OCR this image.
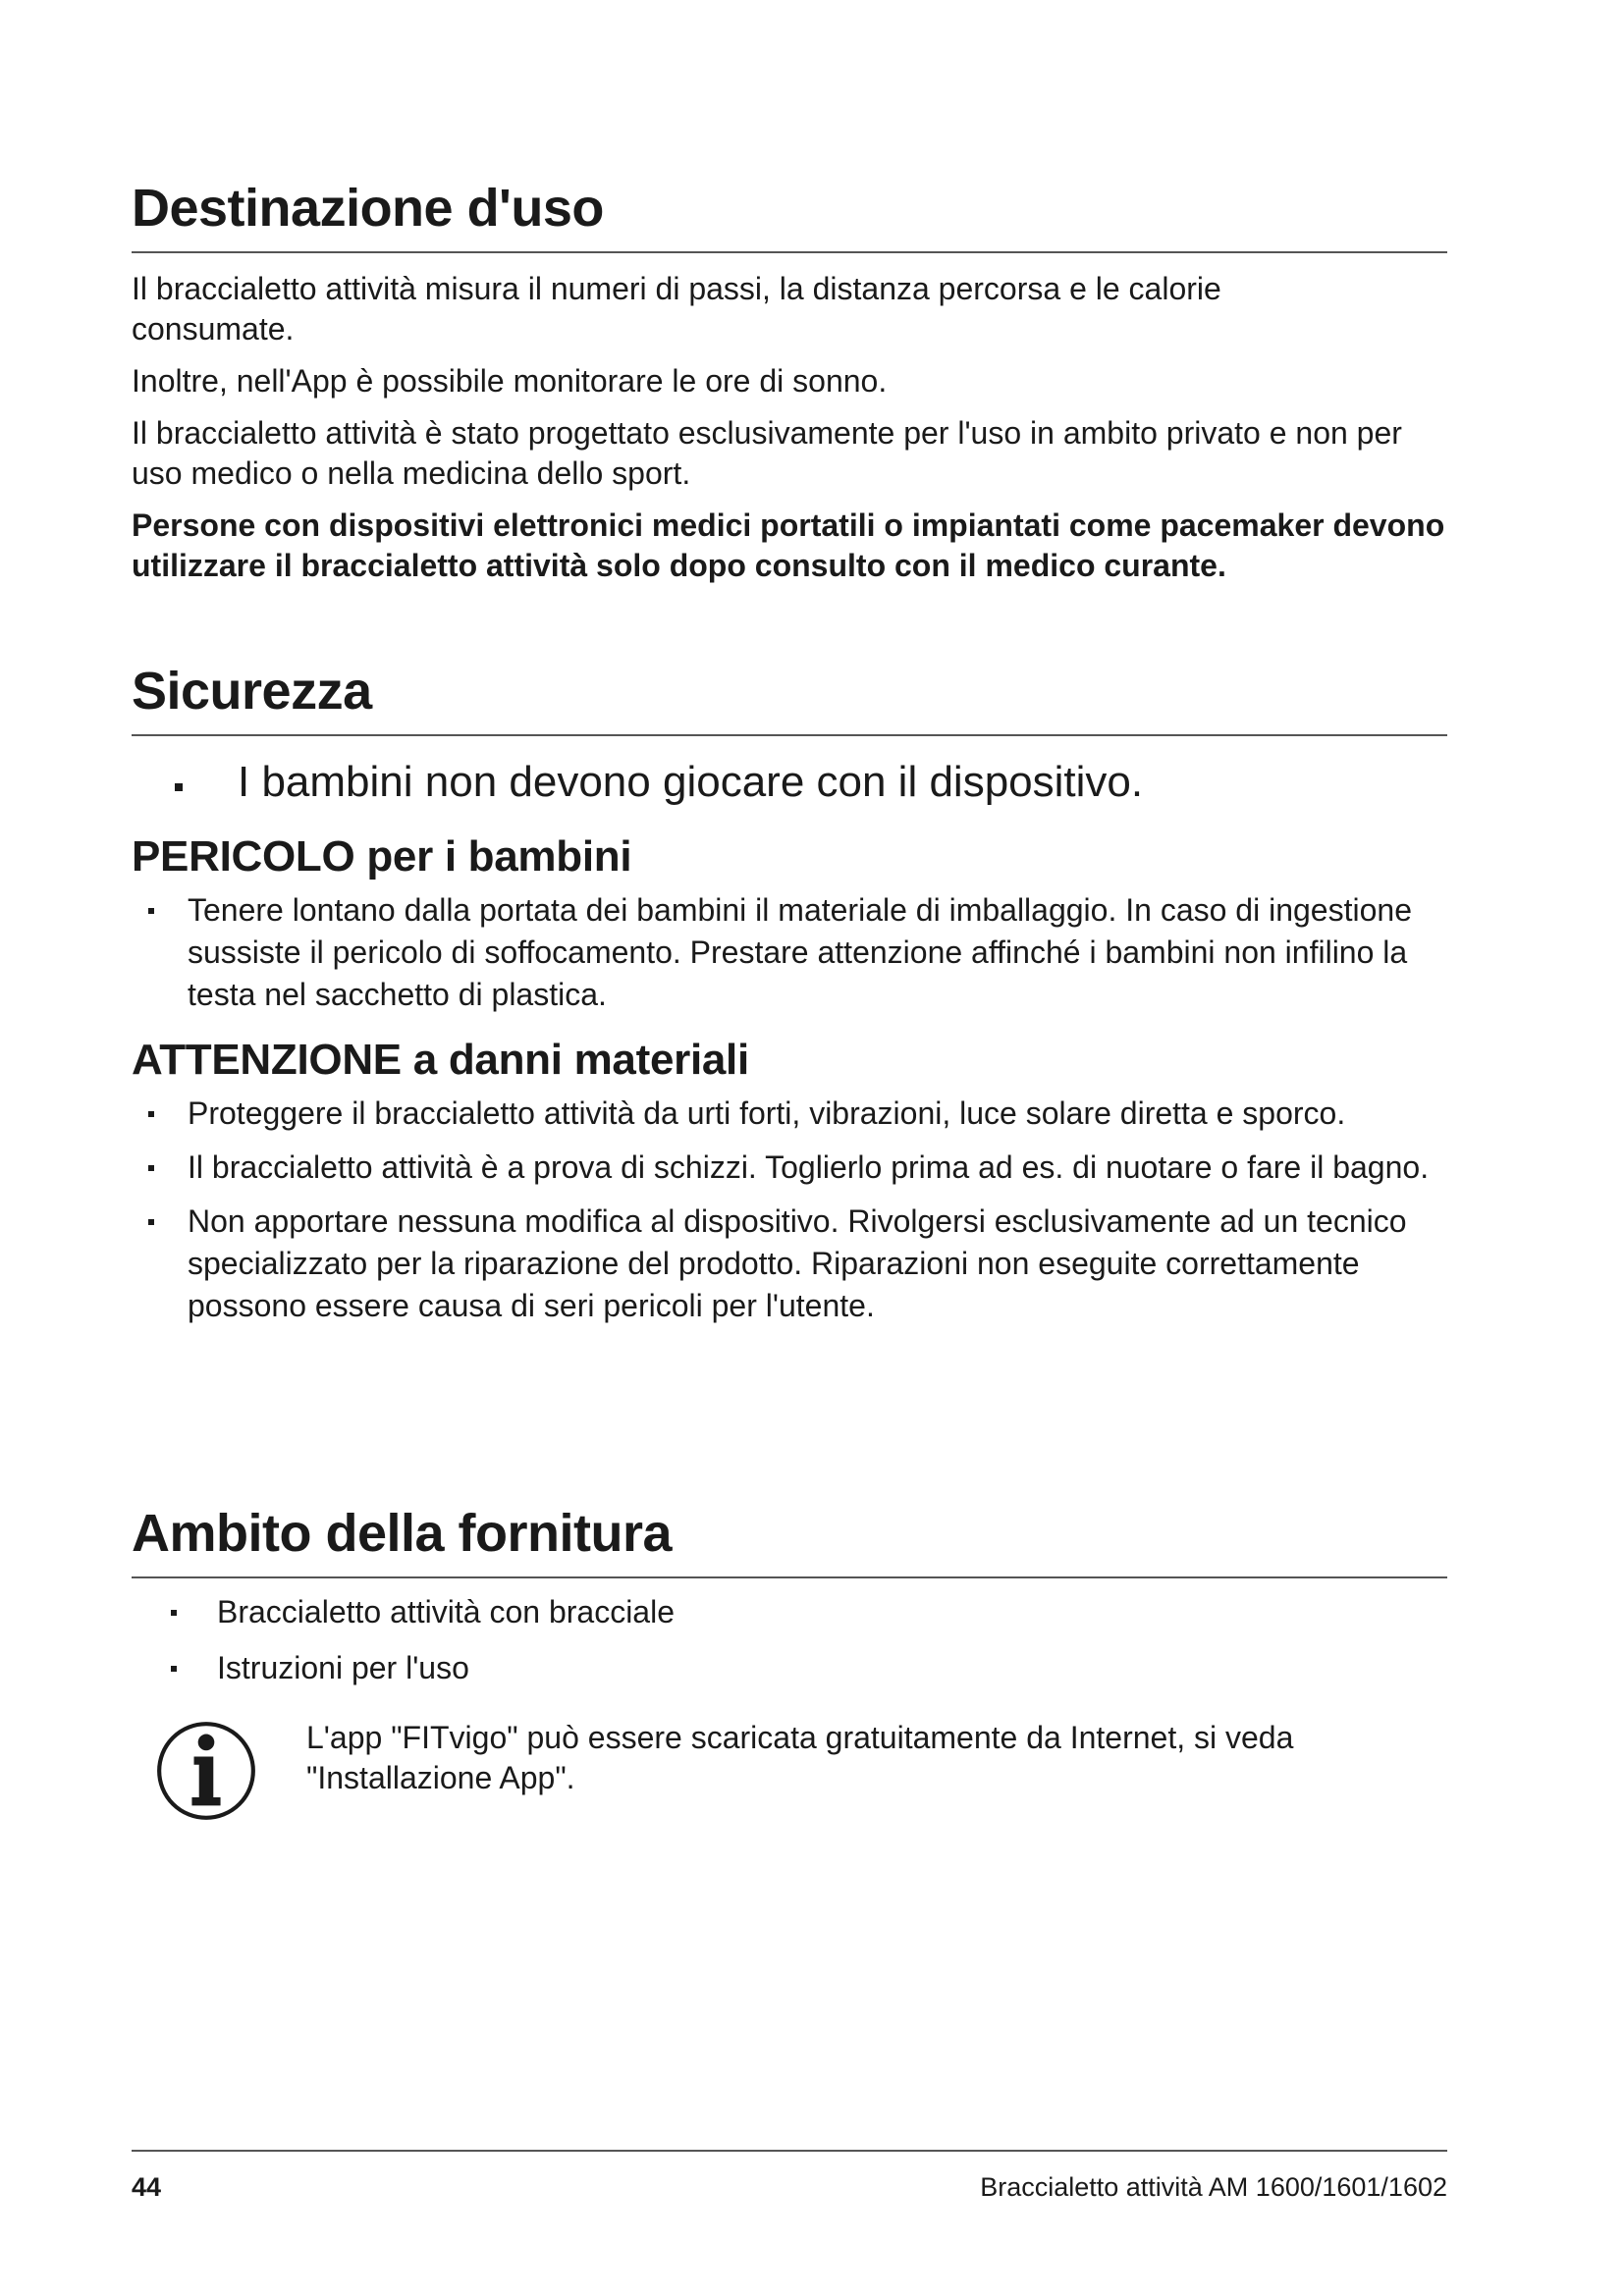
Destinazione d'uso

Il braccialetto attività misura il numeri di passi, la distanza percorsa e le calorie consumate.

Inoltre, nell'App è possibile monitorare le ore di sonno.

Il braccialetto attività è stato progettato esclusivamente per l'uso in ambito privato e non per uso medico o nella medicina dello sport.

Persone con dispositivi elettronici medici portatili o impiantati come pacemaker devono utilizzare il braccialetto attività solo dopo consulto con il medico curante.

Sicurezza
I bambini non devono giocare con il dispositivo.
PERICOLO per i bambini
Tenere lontano dalla portata dei bambini il materiale di imballaggio. In caso di ingestione sussiste il pericolo di soffocamento. Prestare attenzione affinché i bambini non infilino la testa nel sacchetto di plastica.
ATTENZIONE a danni materiali
Proteggere il braccialetto attività da urti forti, vibrazioni, luce solare diretta e sporco.
Il braccialetto attività è a prova di schizzi. Toglierlo prima ad es. di nuotare o fare il bagno.
Non apportare nessuna modifica al dispositivo. Rivolgersi esclusivamente ad un tecnico specializzato per la riparazione del prodotto. Riparazioni non eseguite correttamente possono essere causa di seri pericoli per l'utente.
Ambito della fornitura
Braccialetto attività con bracciale
Istruzioni per l'uso

L'app "FITvigo" può essere scaricata gratuitamente da Internet, si veda "Installazione App".

44	Braccialetto attività AM 1600/1601/1602
